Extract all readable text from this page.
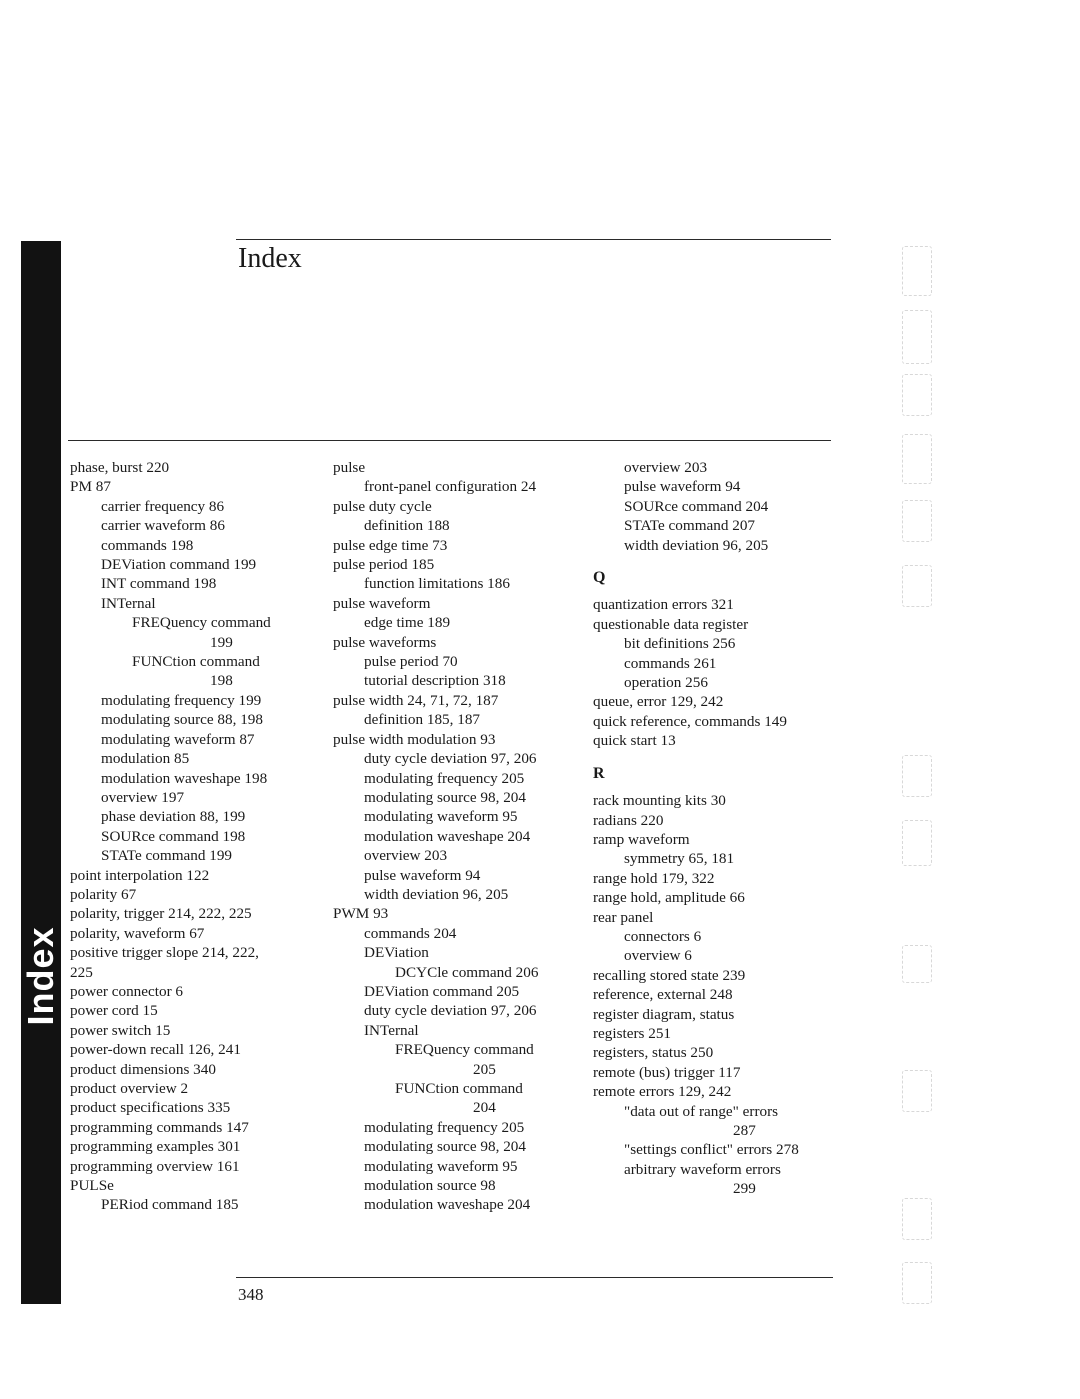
Index
Index
phase, burst 220
PM 87
carrier frequency 86
carrier waveform 86
commands 198
DEViation command 199
INT command 198
INTernal
FREQuency command
199
FUNCtion command
198
modulating frequency 199
modulating source 88, 198
modulating waveform 87
modulation 85
modulation waveshape 198
overview 197
phase deviation 88, 199
SOURce command 198
STATe command 199
point interpolation 122
polarity 67
polarity, trigger 214, 222, 225
polarity, waveform 67
positive trigger slope 214, 222,
225
power connector 6
power cord 15
power switch 15
power-down recall 126, 241
product dimensions 340
product overview 2
product specifications 335
programming commands 147
programming examples 301
programming overview 161
PULSe
PERiod command 185
pulse
front-panel configuration 24
pulse duty cycle
definition 188
pulse edge time 73
pulse period 185
function limitations 186
pulse waveform
edge time 189
pulse waveforms
pulse period 70
tutorial description 318
pulse width 24, 71, 72, 187
definition 185, 187
pulse width modulation 93
duty cycle deviation 97, 206
modulating frequency 205
modulating source 98, 204
modulating waveform 95
modulation waveshape 204
overview 203
pulse waveform 94
width deviation 96, 205
PWM 93
commands 204
DEViation
DCYCle command 206
DEViation command 205
duty cycle deviation 97, 206
INTernal
FREQuency command
205
FUNCtion command
204
modulating frequency 205
modulating source 98, 204
modulating waveform 95
modulation source 98
modulation waveshape 204
overview 203
pulse waveform 94
SOURce command 204
STATe command 207
width deviation 96, 205
Q
quantization errors 321
questionable data register
bit definitions 256
commands 261
operation 256
queue, error 129, 242
quick reference, commands 149
quick start 13
R
rack mounting kits 30
radians 220
ramp waveform
symmetry 65, 181
range hold 179, 322
range hold, amplitude 66
rear panel
connectors 6
overview 6
recalling stored state 239
reference, external 248
register diagram, status
registers 251
registers, status 250
remote (bus) trigger 117
remote errors 129, 242
"data out of range" errors
287
"settings conflict" errors 278
arbitrary waveform errors
299
348
